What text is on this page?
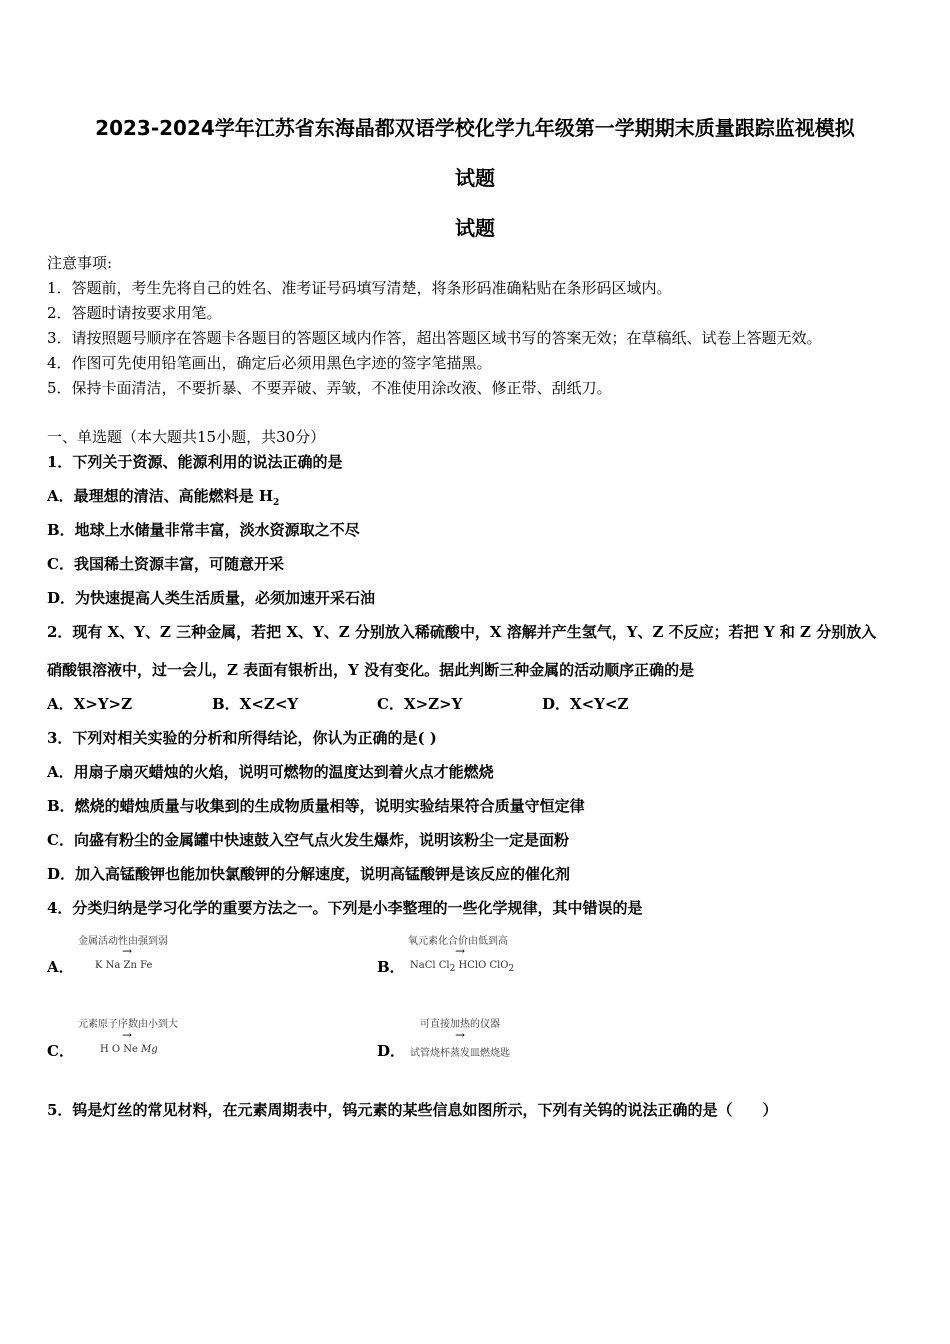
2023-2024学年江苏省东海晶都双语学校化学九年级第一学期期末质量跟踪监视模拟
试题
试题
注意事项:
1．答题前，考生先将自己的姓名、准考证号码填写清楚，将条形码准确粘贴在条形码区域内。
2．答题时请按要求用笔。
3．请按照题号顺序在答题卡各题目的答题区域内作答，超出答题区域书写的答案无效；在草稿纸、试卷上答题无效。
4．作图可先使用铅笔画出，确定后必须用黑色字迹的签字笔描黑。
5．保持卡面清洁，不要折暴、不要弄破、弄皱，不准使用涂改液、修正带、刮纸刀。
一、单选题（本大题共15小题，共30分）
1．下列关于资源、能源利用的说法正确的是
A．最理想的清洁、高能燃料是 $H_2$
B．地球上水储量非常丰富，淡水资源取之不尽
C．我国稀土资源丰富，可随意开采
D．为快速提高人类生活质量，必须加速开采石油
2．现有 X、Y、Z 三种金属，若把 X、Y、Z 分别放入稀硫酸中，X 溶解并产生氢气，Y、Z 不反应；若把 Y 和 Z 分别放入
硝酸银溶液中，过一会儿，Z 表面有银析出，Y 没有变化。据此判断三种金属的活动顺序正确的是
A．X>Y>Z	B．X<Z<Y	C．X>Z>Y	D．X<Y<Z
3．下列对相关实验的分析和所得结论，你认为正确的是( )
A．用扇子扇灭蜡烛的火焰，说明可燃物的温度达到着火点才能燃烧
B．燃烧的蜡烛质量与收集到的生成物质量相等，说明实验结果符合质量守恒定律
C．向盛有粉尘的金属罐中快速鼓入空气点火发生爆炸，说明该粉尘一定是面粉
D．加入高锰酸钾也能加快氯酸钾的分解速度，说明高锰酸钾是该反应的催化剂
4．分类归纳是学习化学的重要方法之一。下列是小李整理的一些化学规律，其中错误的是
A．
金属活动性由强到弱
→
K Na Zn Fe	B．
氧元素化合价由低到高
→
NaCl $Cl_2$ HClO ClO$_2$
C．
元素原子序数由小到大
→
H O Ne Mg	D．
可直接加热的仪器
→
试管烧杯蒸发皿燃烧匙
5．钨是灯丝的常见材料，在元素周期表中，钨元素的某些信息如图所示，下列有关钨的说法正确的是（　　）
